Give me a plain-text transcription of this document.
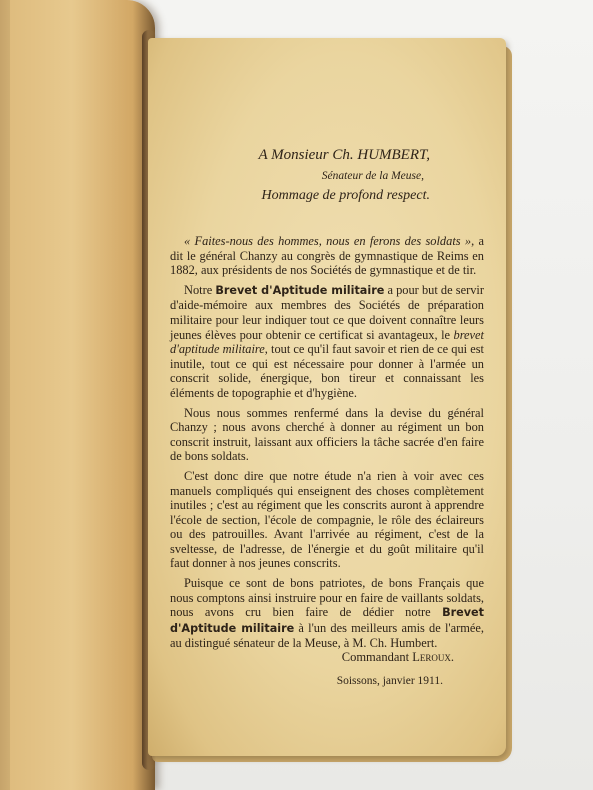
A Monsieur Ch. HUMBERT,
Sénateur de la Meuse,
Hommage de profond respect.

« Faites-nous des hommes, nous en ferons des soldats », a dit le général Chanzy au congrès de gymnastique de Reims en 1882, aux présidents de nos Sociétés de gymnastique et de tir.

Notre Brevet d'Aptitude militaire a pour but de servir d'aide-mémoire aux membres des Sociétés de préparation militaire pour leur indiquer tout ce que doivent connaître leurs jeunes élèves pour obtenir ce certificat si avantageux, le brevet d'aptitude militaire, tout ce qu'il faut savoir et rien de ce qui est inutile, tout ce qui est nécessaire pour donner à l'armée un conscrit solide, énergique, bon tireur et connaissant les éléments de topographie et d'hygiène.

Nous nous sommes renfermé dans la devise du général Chanzy ; nous avons cherché à donner au régiment un bon conscrit instruit, laissant aux officiers la tâche sacrée d'en faire de bons soldats.

C'est donc dire que notre étude n'a rien à voir avec ces manuels compliqués qui enseignent des choses complètement inutiles ; c'est au régiment que les conscrits auront à apprendre l'école de section, l'école de compagnie, le rôle des éclaireurs ou des patrouilles. Avant l'arrivée au régiment, c'est de la sveltesse, de l'adresse, de l'énergie et du goût militaire qu'il faut donner à nos jeunes conscrits.

Puisque ce sont de bons patriotes, de bons Français que nous comptons ainsi instruire pour en faire de vaillants soldats, nous avons cru bien faire de dédier notre Brevet d'Aptitude militaire à l'un des meilleurs amis de l'armée, au distingué sénateur de la Meuse, à M. Ch. Humbert.

Commandant Leroux.
Soissons, janvier 1911.
